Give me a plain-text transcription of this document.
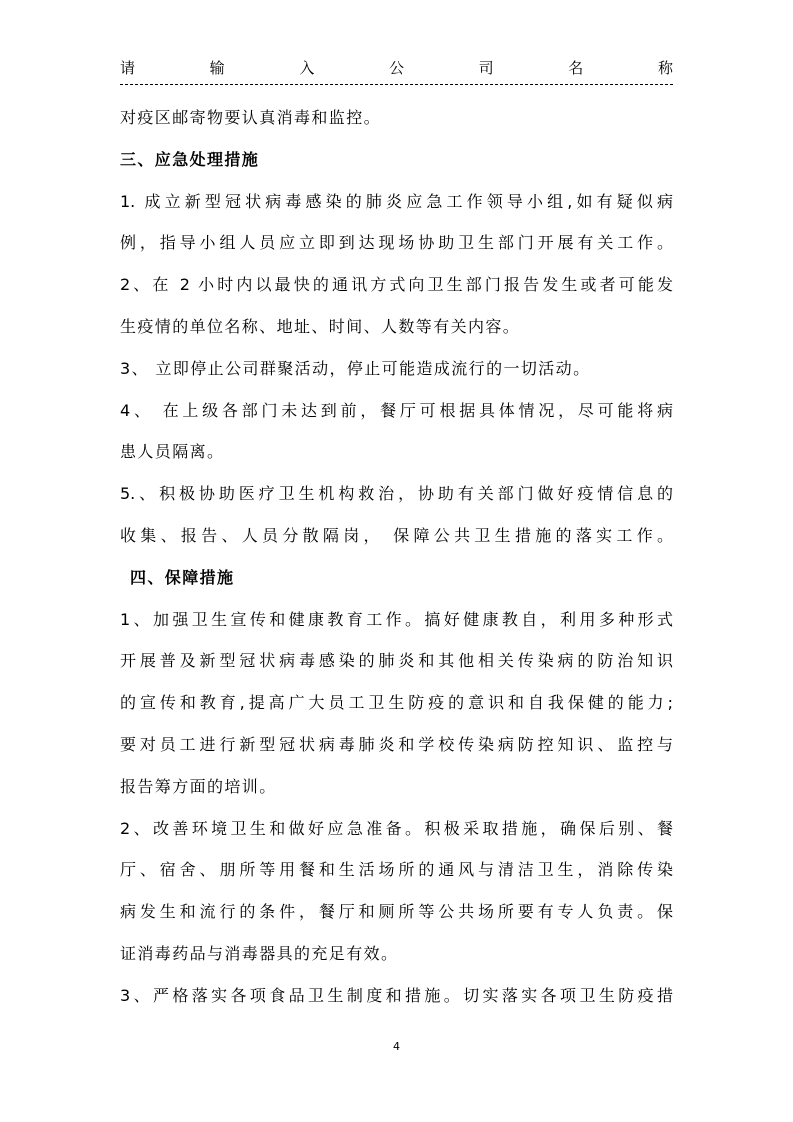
请	输	入	公	司	名	称
对疫区邮寄物要认真消毒和监控。
三、应急处理措施
1. 成立新型冠状病毒感染的肺炎应急工作领导小组,如有疑似病
例，指导小组人员应立即到达现场协助卫生部门开展有关工作。
2、在 2 小时内以最快的通讯方式向卫生部门报告发生或者可能发
生疫情的单位名称、地址、时间、人数等有关内容。
3、 立即停止公司群聚活动，停止可能造成流行的一切活动。
4、 在上级各部门未达到前，餐厅可根据具体情况，尽可能将病
患人员隔离。
5.、积极协助医疗卫生机构救治，协助有关部门做好疫情信息的
收集、报告、人员分散隔岗， 保障公共卫生措施的落实工作。
四、保障措施
1、加强卫生宣传和健康教育工作。搞好健康教自，利用多种形式
开展普及新型冠状病毒感染的肺炎和其他相关传染病的防治知识
的宣传和教育,提高广大员工卫生防疫的意识和自我保健的能力;
要对员工进行新型冠状病毒肺炎和学校传染病防控知识、监控与
报告筹方面的培训。
2、改善环境卫生和做好应急准备。积极采取措施，确保后别、餐
厅、宿舍、朋所等用餐和生活场所的通风与清洁卫生，消除传染
病发生和流行的条件，餐厅和厕所等公共场所要有专人负责。保
证消毒药品与消毒器具的充足有效。
3、严格落实各项食品卫生制度和措施。切实落实各项卫生防疫措
4
